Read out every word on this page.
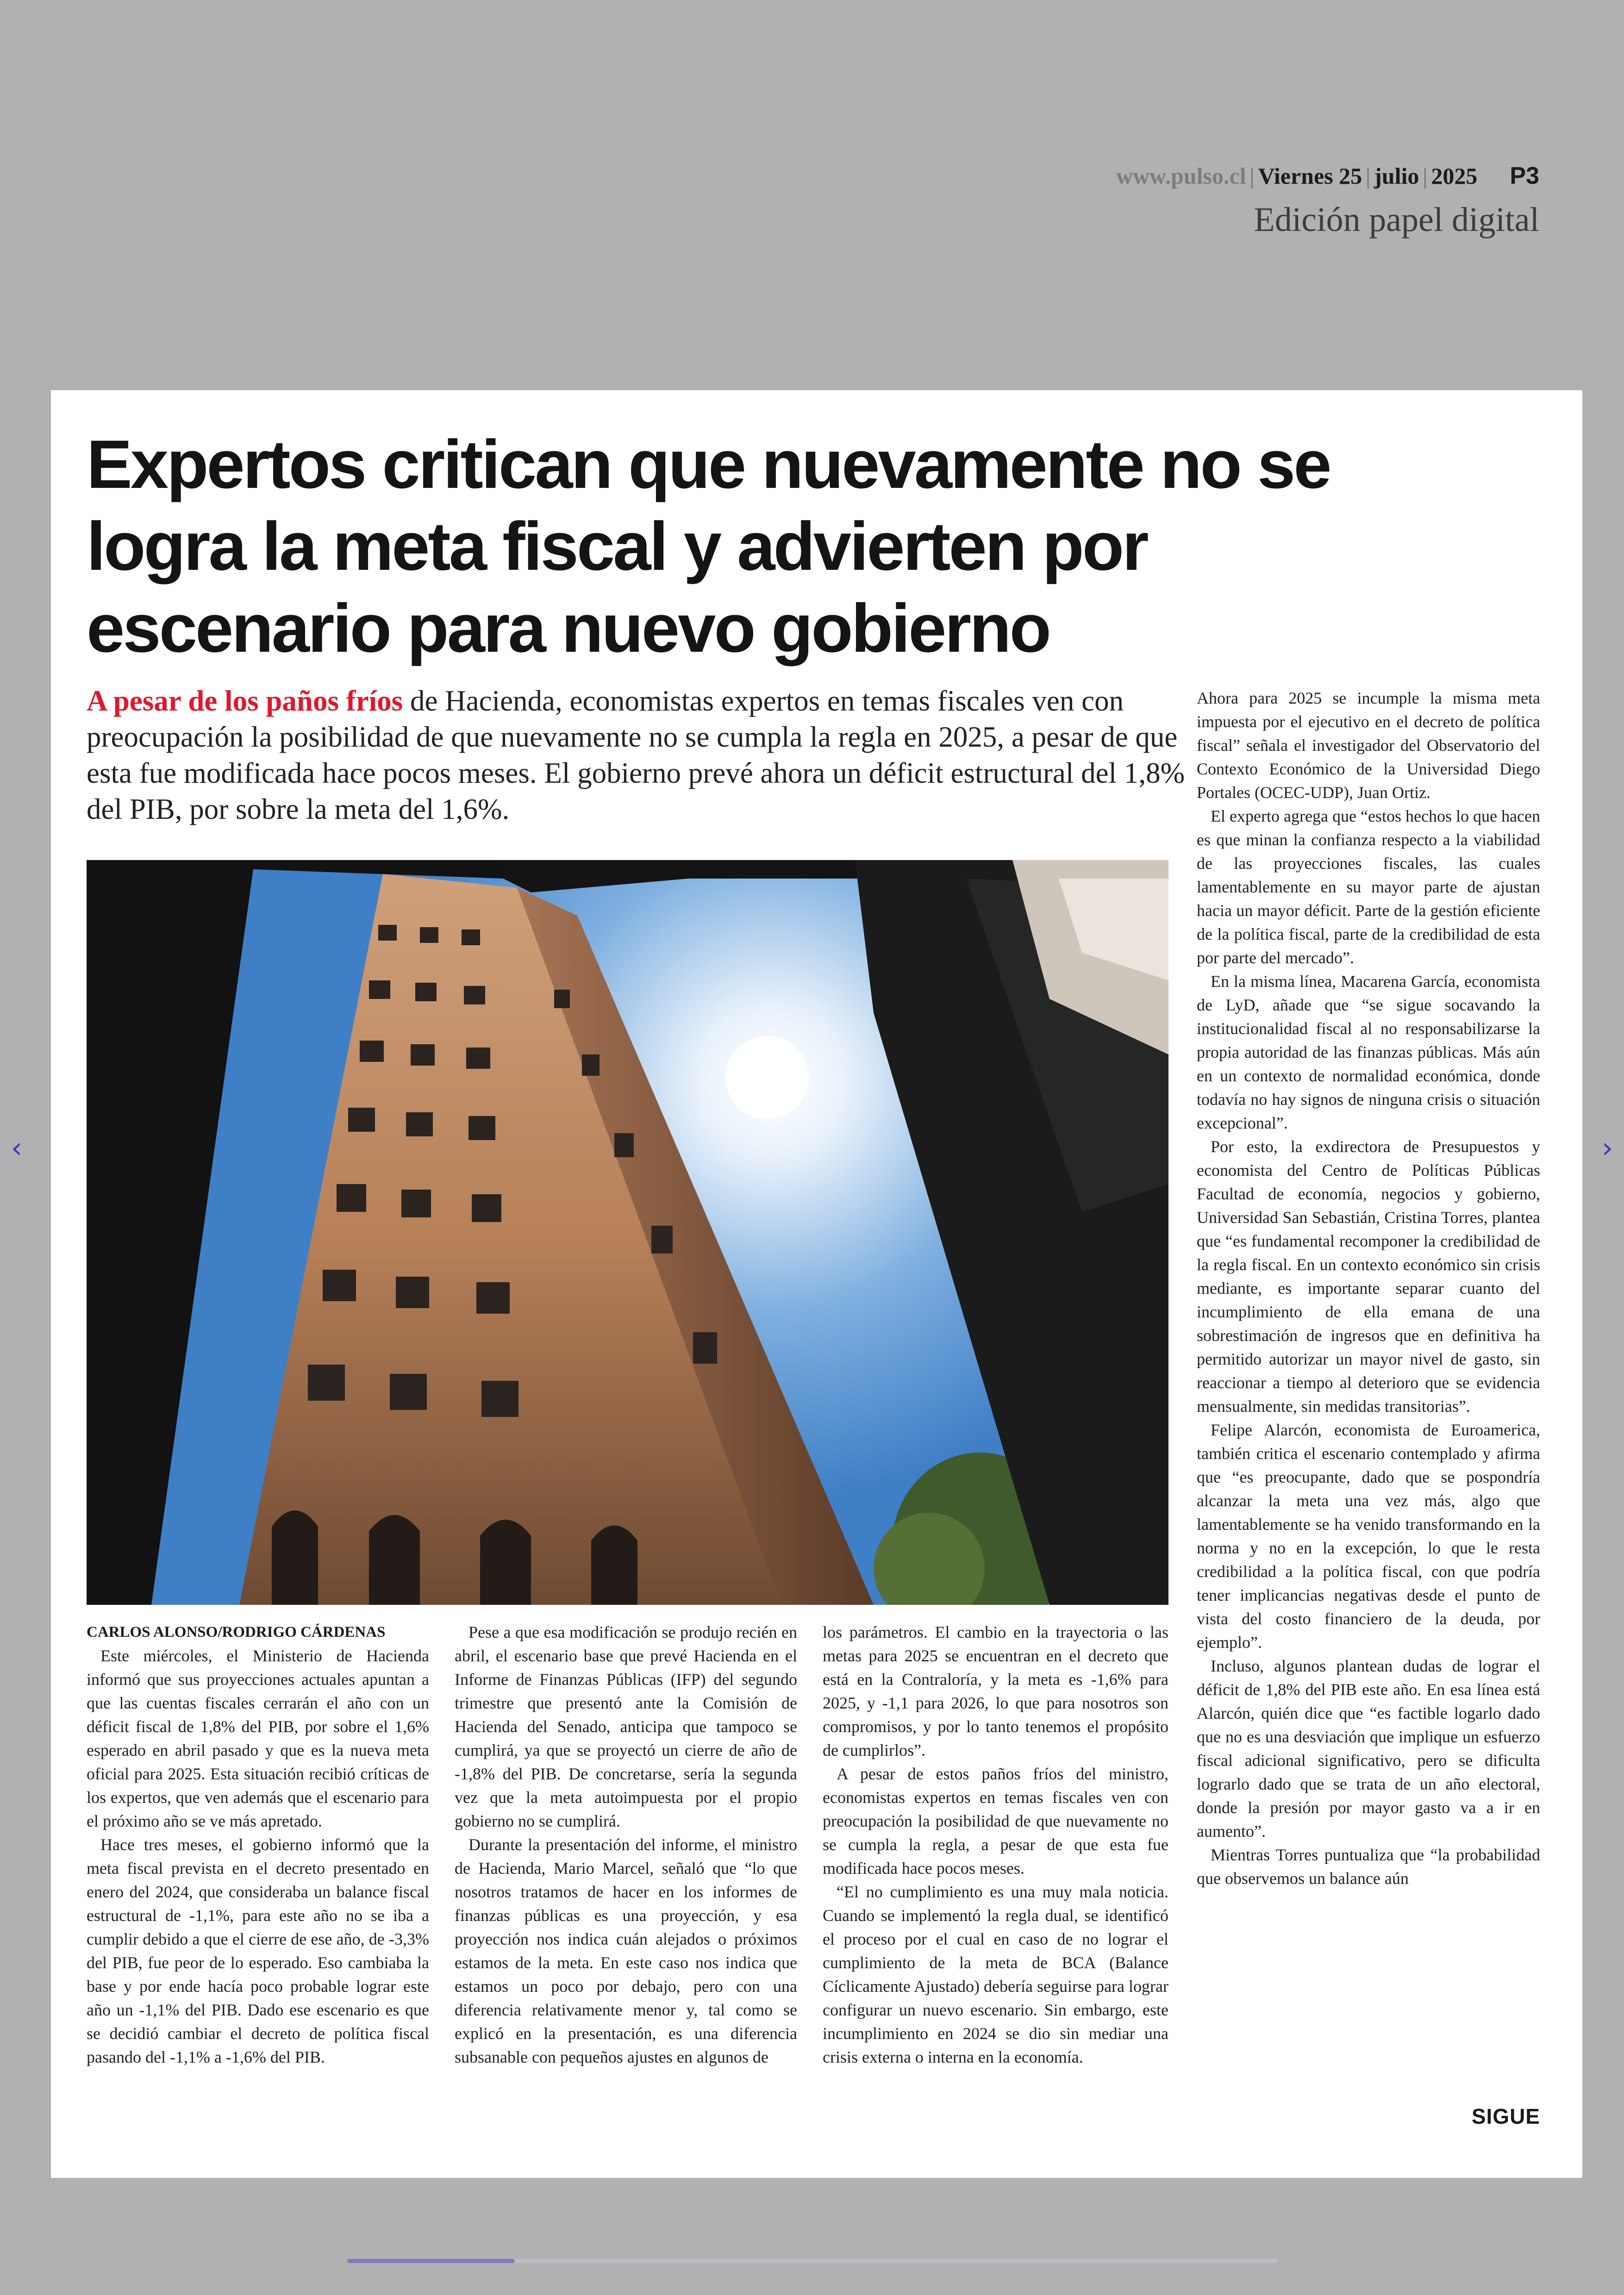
www.pulso.cl | Viernes 25 | julio | 2025 P3
Edición papel digital
‹	›
Expertos critican que nuevamente no se logra la meta fiscal y advierten por escenario para nuevo gobierno

A pesar de los paños fríos de Hacienda, economistas expertos en temas fiscales ven con preocupación la posibilidad de que nuevamente no se cumpla la regla en 2025, a pesar de que esta fue modificada hace pocos meses. El gobierno prevé ahora un déficit estructural del 1,8% del PIB, por sobre la meta del 1,6%.

CARLOS ALONSO/RODRIGO CÁRDENAS

Este miércoles, el Ministerio de Hacienda informó que sus proyecciones actuales apuntan a que las cuentas fiscales cerrarán el año con un déficit fiscal de 1,8% del PIB, por sobre el 1,6% esperado en abril pasado y que es la nueva meta oficial para 2025. Esta situación recibió críticas de los expertos, que ven además que el escenario para el próximo año se ve más apretado.

Hace tres meses, el gobierno informó que la meta fiscal prevista en el decreto presentado en enero del 2024, que consideraba un balance fiscal estructural de -1,1%, para este año no se iba a cumplir debido a que el cierre de ese año, de -3,3% del PIB, fue peor de lo esperado. Eso cambiaba la base y por ende hacía poco probable lograr este año un -1,1% del PIB. Dado ese escenario es que se decidió cambiar el decreto de política fiscal pasando del -1,1% a -1,6% del PIB.

Pese a que esa modificación se produjo recién en abril, el escenario base que prevé Hacienda en el Informe de Finanzas Públicas (IFP) del segundo trimestre que presentó ante la Comisión de Hacienda del Senado, anticipa que tampoco se cumplirá, ya que se proyectó un cierre de año de -1,8% del PIB. De concretarse, sería la segunda vez que la meta autoimpuesta por el propio gobierno no se cumplirá.

Durante la presentación del informe, el ministro de Hacienda, Mario Marcel, señaló que “lo que nosotros tratamos de hacer en los informes de finanzas públicas es una proyección, y esa proyección nos indica cuán alejados o próximos estamos de la meta. En este caso nos indica que estamos un poco por debajo, pero con una diferencia relativamente menor y, tal como se explicó en la presentación, es una diferencia subsanable con pequeños ajustes en algunos de

los parámetros. El cambio en la trayectoria o las metas para 2025 se encuentran en el decreto que está en la Contraloría, y la meta es -1,6% para 2025, y -1,1 para 2026, lo que para nosotros son compromisos, y por lo tanto tenemos el propósito de cumplirlos”.

A pesar de estos paños fríos del ministro, economistas expertos en temas fiscales ven con preocupación la posibilidad de que nuevamente no se cumpla la regla, a pesar de que esta fue modificada hace pocos meses.

“El no cumplimiento es una muy mala noticia. Cuando se implementó la regla dual, se identificó el proceso por el cual en caso de no lograr el cumplimiento de la meta de BCA (Balance Cíclicamente Ajustado) debería seguirse para lograr configurar un nuevo escenario. Sin embargo, este incumplimiento en 2024 se dio sin mediar una crisis externa o interna en la economía.

Ahora para 2025 se incumple la misma meta impuesta por el ejecutivo en el decreto de política fiscal” señala el investigador del Observatorio del Contexto Económico de la Universidad Diego Portales (OCEC-UDP), Juan Ortiz.

El experto agrega que “estos hechos lo que hacen es que minan la confianza respecto a la viabilidad de las proyecciones fiscales, las cuales lamentablemente en su mayor parte de ajustan hacia un mayor déficit. Parte de la gestión eficiente de la política fiscal, parte de la credibilidad de esta por parte del mercado”.

En la misma línea, Macarena García, economista de LyD, añade que “se sigue socavando la institucionalidad fiscal al no responsabilizarse la propia autoridad de las finanzas públicas. Más aún en un contexto de normalidad económica, donde todavía no hay signos de ninguna crisis o situación excepcional”.

Por esto, la exdirectora de Presupuestos y economista del Centro de Políticas Públicas Facultad de economía, negocios y gobierno, Universidad San Sebastián, Cristina Torres, plantea que “es fundamental recomponer la credibilidad de la regla fiscal. En un contexto económico sin crisis mediante, es importante separar cuanto del incumplimiento de ella emana de una sobrestimación de ingresos que en definitiva ha permitido autorizar un mayor nivel de gasto, sin reaccionar a tiempo al deterioro que se evidencia mensualmente, sin medidas transitorias”.

Felipe Alarcón, economista de Euroamerica, también critica el escenario contemplado y afirma que “es preocupante, dado que se pospondría alcanzar la meta una vez más, algo que lamentablemente se ha venido transformando en la norma y no en la excepción, lo que le resta credibilidad a la política fiscal, con que podría tener implicancias negativas desde el punto de vista del costo financiero de la deuda, por ejemplo”.

Incluso, algunos plantean dudas de lograr el déficit de 1,8% del PIB este año. En esa línea está Alarcón, quién dice que “es factible logarlo dado que no es una desviación que implique un esfuerzo fiscal adicional significativo, pero se dificulta lograrlo dado que se trata de un año electoral, donde la presión por mayor gasto va a ir en aumento”.

Mientras Torres puntualiza que “la probabilidad que observemos un balance aún

SIGUE
